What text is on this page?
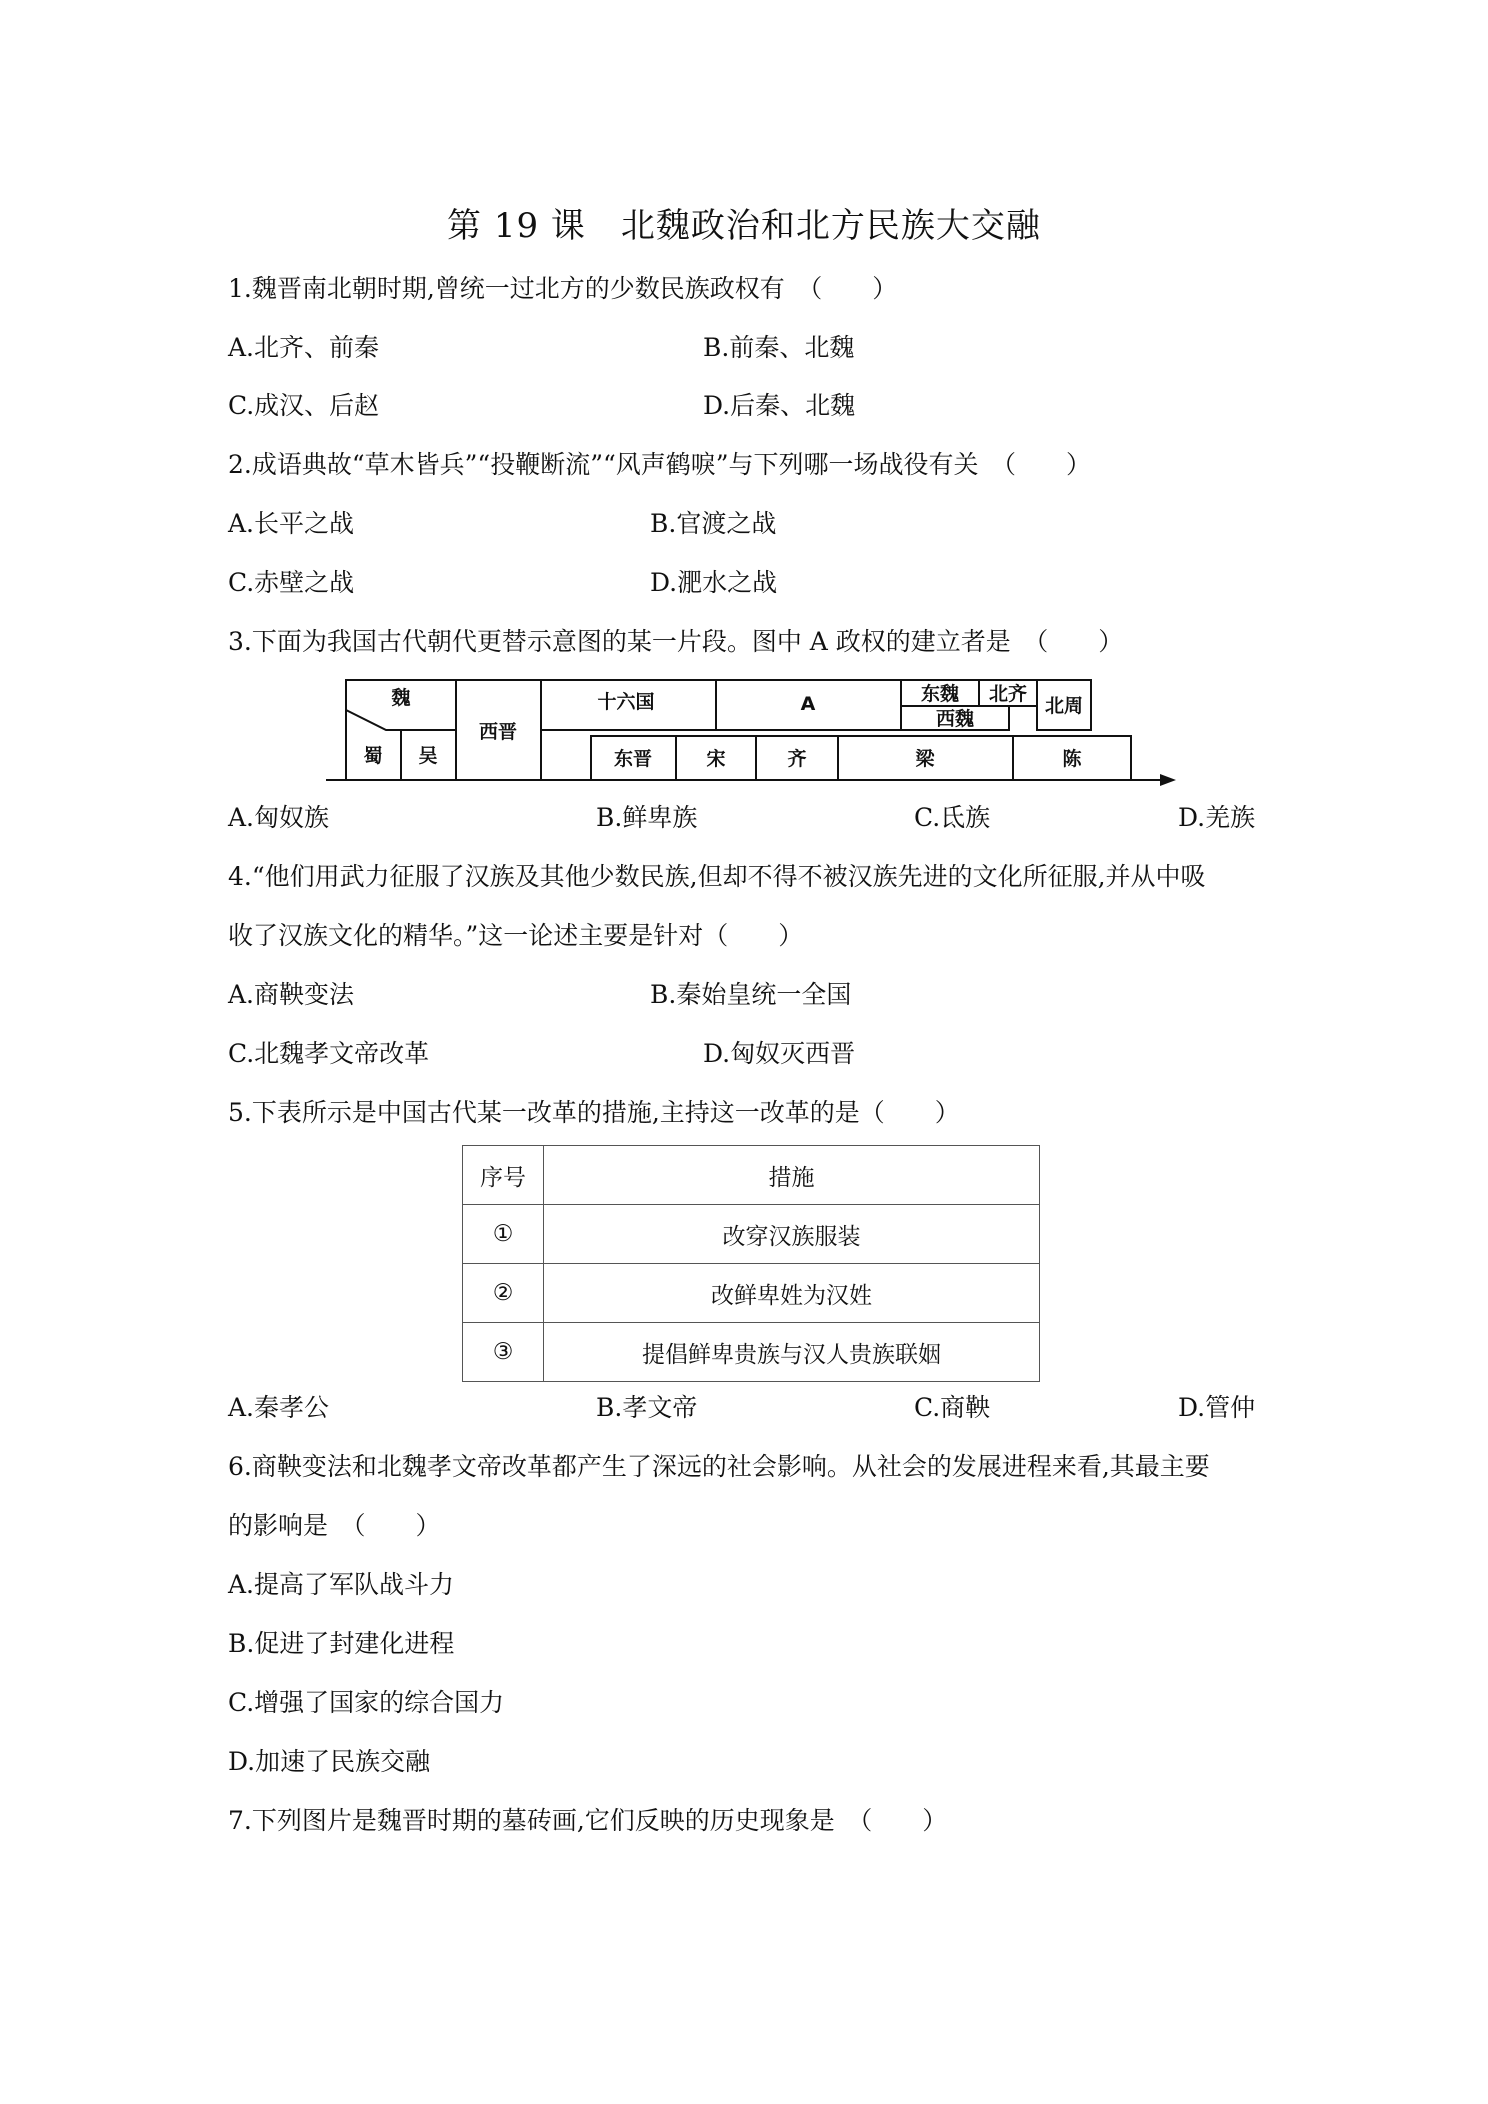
第 19 课　北魏政治和北方民族大交融
1.魏晋南北朝时期,曾统一过北方的少数民族政权有　（　　）
A.北齐、前秦	B.前秦、北魏
C.成汉、后赵	D.后秦、北魏
2.成语典故“草木皆兵”“投鞭断流”“风声鹤唳”与下列哪一场战役有关　（　　）
A.长平之战	B.官渡之战
C.赤壁之战	D.淝水之战
3.下面为我国古代朝代更替示意图的某一片段。图中 A 政权的建立者是　（　　）
魏
蜀 吴
西晋
十六国	A	东魏 北齐
西魏
北周
东晋	宋	齐	梁	陈
A.匈奴族	B.鲜卑族	C.氐族	D.羌族
4.“他们用武力征服了汉族及其他少数民族,但却不得不被汉族先进的文化所征服,并从中吸
收了汉族文化的精华。”这一论述主要是针对（　　）
A.商鞅变法	B.秦始皇统一全国
C.北魏孝文帝改革	D.匈奴灭西晋
5.下表所示是中国古代某一改革的措施,主持这一改革的是（　　）
序号	措施
①	改穿汉族服装
②	改鲜卑姓为汉姓
③	提倡鲜卑贵族与汉人贵族联姻
A.秦孝公	B.孝文帝	C.商鞅	D.管仲
6.商鞅变法和北魏孝文帝改革都产生了深远的社会影响。从社会的发展进程来看,其最主要
的影响是　（　　）
A.提高了军队战斗力
B.促进了封建化进程
C.增强了国家的综合国力
D.加速了民族交融
7.下列图片是魏晋时期的墓砖画,它们反映的历史现象是　（　　）
